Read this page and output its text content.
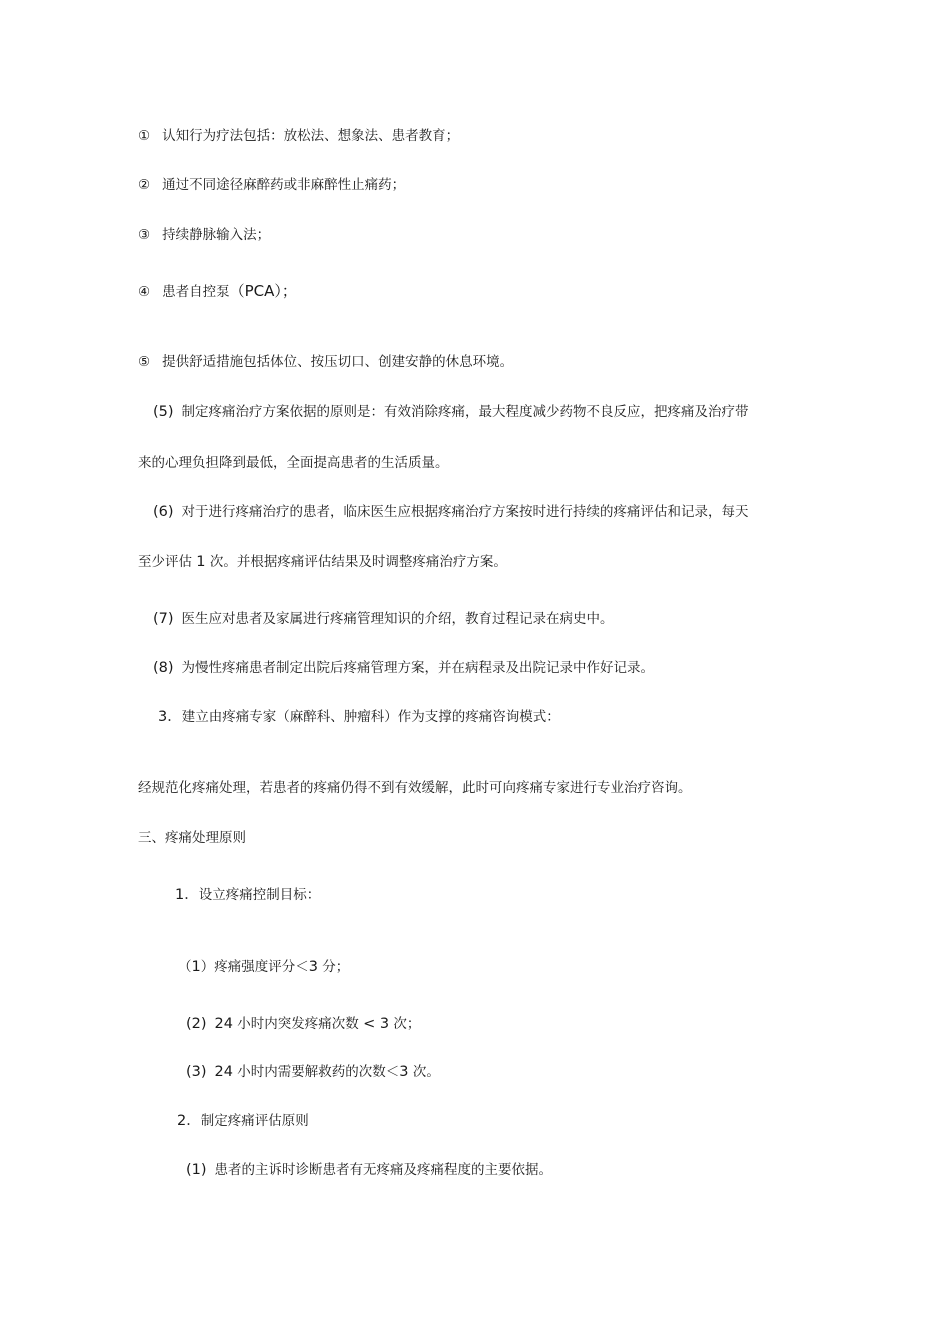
① 认知行为疗法包括：放松法、想象法、患者教育；
② 通过不同途径麻醉药或非麻醉性止痛药；
③ 持续静脉输入法；
④ 患者自控泵（PCA）；
⑤ 提供舒适措施包括体位、按压切口、创建安静的休息环境。
(5) 制定疼痛治疗方案依据的原则是：有效消除疼痛，最大程度减少药物不良反应，把疼痛及治疗带
来的心理负担降到最低，全面提高患者的生活质量。
(6) 对于进行疼痛治疗的患者，临床医生应根据疼痛治疗方案按时进行持续的疼痛评估和记录，每天
至少评估 1 次。并根据疼痛评估结果及时调整疼痛治疗方案。
(7) 医生应对患者及家属进行疼痛管理知识的介绍，教育过程记录在病史中。
(8) 为慢性疼痛患者制定出院后疼痛管理方案，并在病程录及出院记录中作好记录。
3．建立由疼痛专家（麻醉科、肿瘤科）作为支撑的疼痛咨询模式：
经规范化疼痛处理，若患者的疼痛仍得不到有效缓解，此时可向疼痛专家进行专业治疗咨询。
三、疼痛处理原则
1．设立疼痛控制目标：
（1）疼痛强度评分＜3 分；
(2) 24 小时内突发疼痛次数 < 3 次；
(3) 24 小时内需要解救药的次数＜3 次。
2．制定疼痛评估原则
(1) 患者的主诉时诊断患者有无疼痛及疼痛程度的主要依据。
